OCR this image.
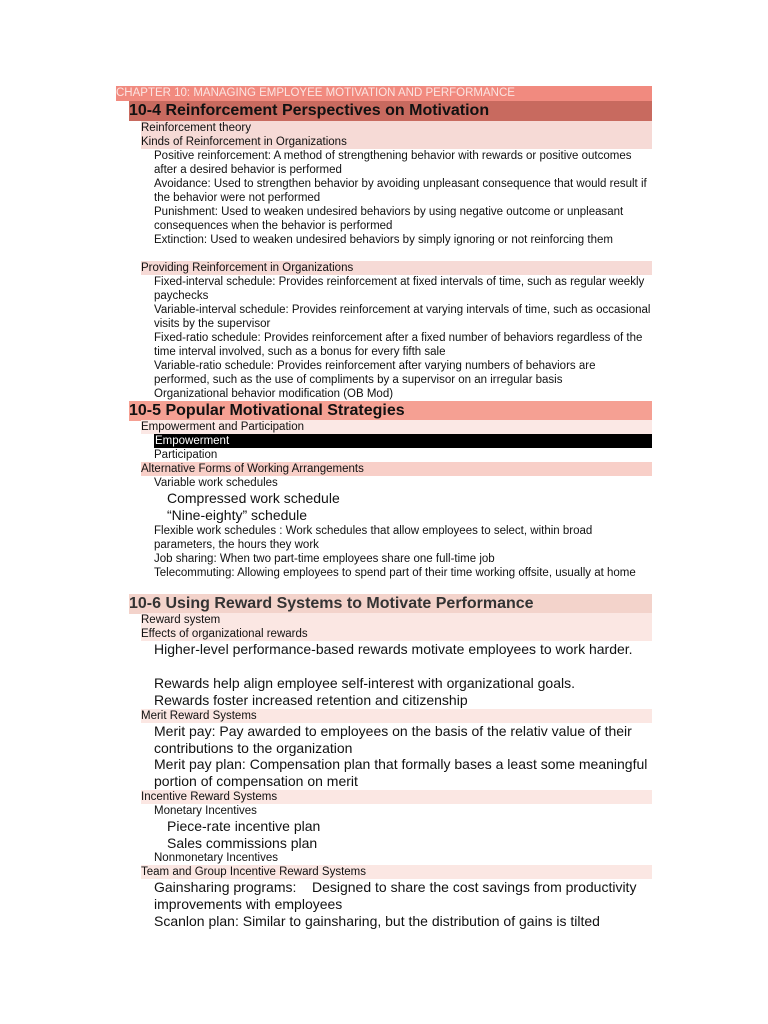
CHAPTER 10: MANAGING EMPLOYEE MOTIVATION AND PERFORMANCE
10-4 Reinforcement Perspectives on Motivation
Reinforcement theory
Kinds of Reinforcement in Organizations
Positive reinforcement: A method of strengthening behavior with rewards or positive outcomes after a desired behavior is performed
Avoidance: Used to strengthen behavior by avoiding unpleasant consequence that would result if the behavior were not performed
Punishment: Used to weaken undesired behaviors by using negative outcome or unpleasant consequences when the behavior is performed
Extinction: Used to weaken undesired behaviors by simply ignoring or not reinforcing them
Providing Reinforcement in Organizations
Fixed-interval schedule: Provides reinforcement at fixed intervals of time, such as regular weekly paychecks
Variable-interval schedule: Provides reinforcement at varying intervals of time, such as occasional visits by the supervisor
Fixed-ratio schedule: Provides reinforcement after a fixed number of behaviors regardless of the time interval involved, such as a bonus for every fifth sale
Variable-ratio schedule: Provides reinforcement after varying numbers of behaviors are performed, such as the use of compliments by a supervisor on an irregular basis
Organizational behavior modification (OB Mod)
10-5 Popular Motivational Strategies
Empowerment and Participation
Empowerment
Participation
Alternative Forms of Working Arrangements
Variable work schedules
Compressed work schedule
“Nine-eighty” schedule
Flexible work schedules : Work schedules that allow employees to select, within broad parameters, the hours they work
Job sharing: When two part-time employees share one full-time job
Telecommuting: Allowing employees to spend part of their time working offsite, usually at home
10-6 Using Reward Systems to Motivate Performance
Reward system
Effects of organizational rewards
Higher-level performance-based rewards motivate employees to work harder.
Rewards help align employee self-interest with organizational goals.
Rewards foster increased retention and citizenship
Merit Reward Systems
Merit pay: Pay awarded to employees on the basis of the relativ value of their contributions to the organization
Merit pay plan: Compensation plan that formally bases a least some meaningful portion of compensation on merit
Incentive Reward Systems
Monetary Incentives
Piece-rate incentive plan
Sales commissions plan
Nonmonetary Incentives
Team and Group Incentive Reward Systems
Gainsharing programs:    Designed to share the cost savings from productivity improvements with employees
Scanlon plan: Similar to gainsharing, but the distribution of gains is tilted
